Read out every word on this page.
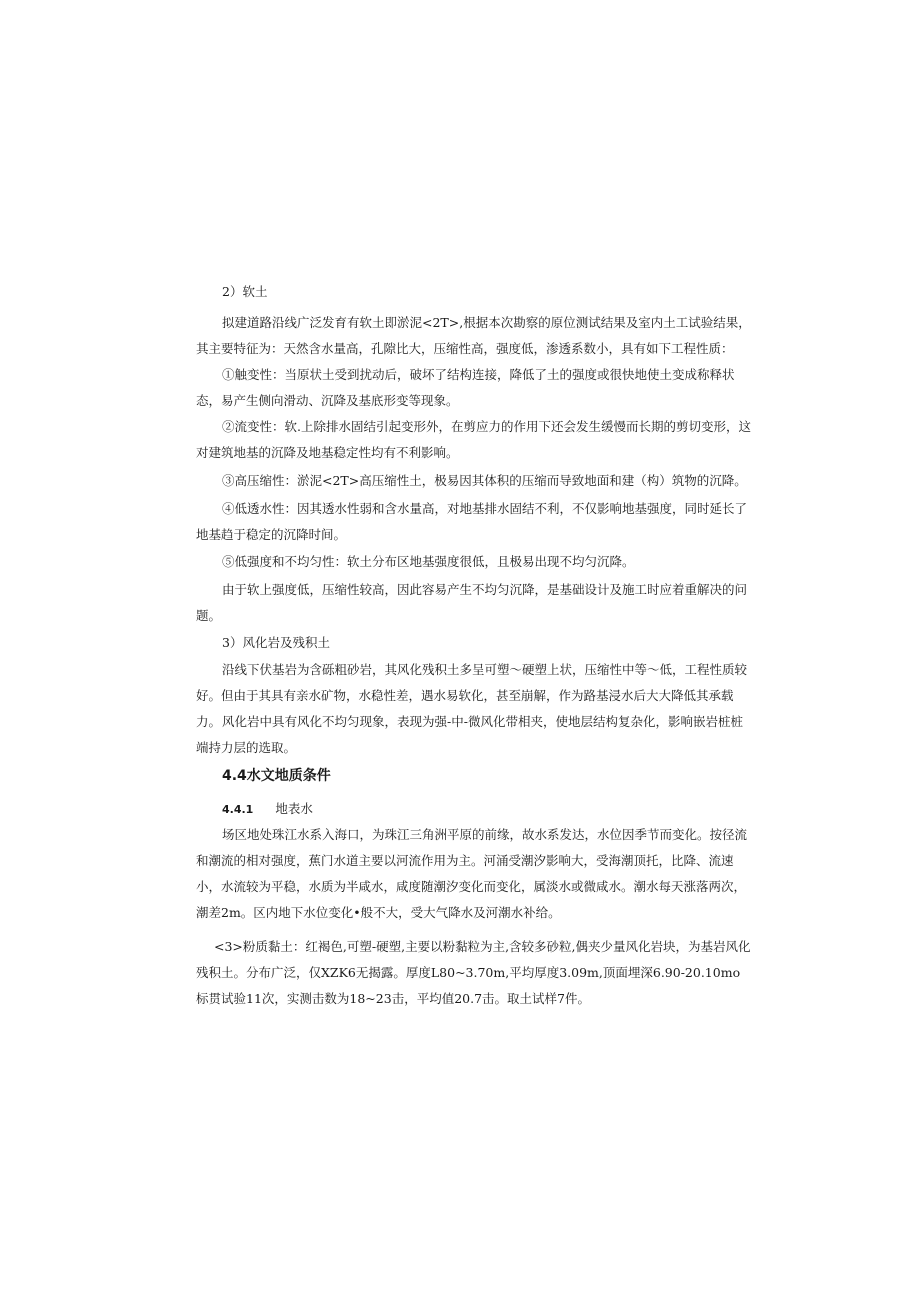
2）软土

拟建道路沿线广泛发育有软土即淤泥<2T>,根据本次勘察的原位测试结果及室内土工试验结果，其主要特征为：天然含水量高，孔隙比大，压缩性高，强度低，渗透系数小，具有如下工程性质：

①触变性：当原状土受到扰动后，破坏了结构连接，降低了土的强度或很快地使土变成称释状态，易产生侧向滑动、沉降及基底形变等现象。

②流变性：软.上除排水固结引起变形外，在剪应力的作用下还会发生缓慢而长期的剪切变形，这对建筑地基的沉降及地基稳定性均有不利影响。

③高压缩性：淤泥<2T>高压缩性土，极易因其体积的压缩而导致地面和建（构）筑物的沉降。

④低透水性：因其透水性弱和含水量高，对地基排水固结不利，不仅影响地基强度，同时延长了地基趋于稳定的沉降时间。

⑤低强度和不均匀性：软土分布区地基强度很低，且极易出现不均匀沉降。

由于软上强度低，压缩性较高，因此容易产生不均匀沉降，是基础设计及施工时应着重解决的问题。

3）风化岩及残积土

沿线下伏基岩为含砾粗砂岩，其风化残积土多呈可塑～硬塑上状，压缩性中等～低，工程性质较好。但由于其具有亲水矿物，水稳性差，遇水易软化，甚至崩解，作为路基浸水后大大降低其承载力。 风化岩中具有风化不均匀现象，表现为强-中-微风化带相夹，使地层结构复杂化，影响嵌岩桩桩端持力层的选取。

4.4水文地质条件

4.4.1 地表水

场区地处珠江水系入海口，为珠江三角洲平原的前缘，故水系发达，水位因季节而变化。按径流和潮流的相对强度，蕉门水道主要以河流作用为主。河涌受潮汐影响大，受海潮顶托，比降、流速小，水流较为平稳，水质为半咸水，咸度随潮汐变化而变化，属淡水或微咸水。潮水每天涨落两次，潮差2m。区内地下水位变化•般不大，受大气降水及河潮水补给。

<3>粉质黏土：红褐色,可塑-硬塑,主要以粉黏粒为主,含较多砂粒,偶夹少量风化岩块，为基岩风化残积土。分布广泛，仅XZK6无揭露。厚度L80~3.70m,平均厚度3.09m,顶面埋深6.90-20.10mo标贯试验11次，实测击数为18~23击，平均值20.7击。取土试样7件。
